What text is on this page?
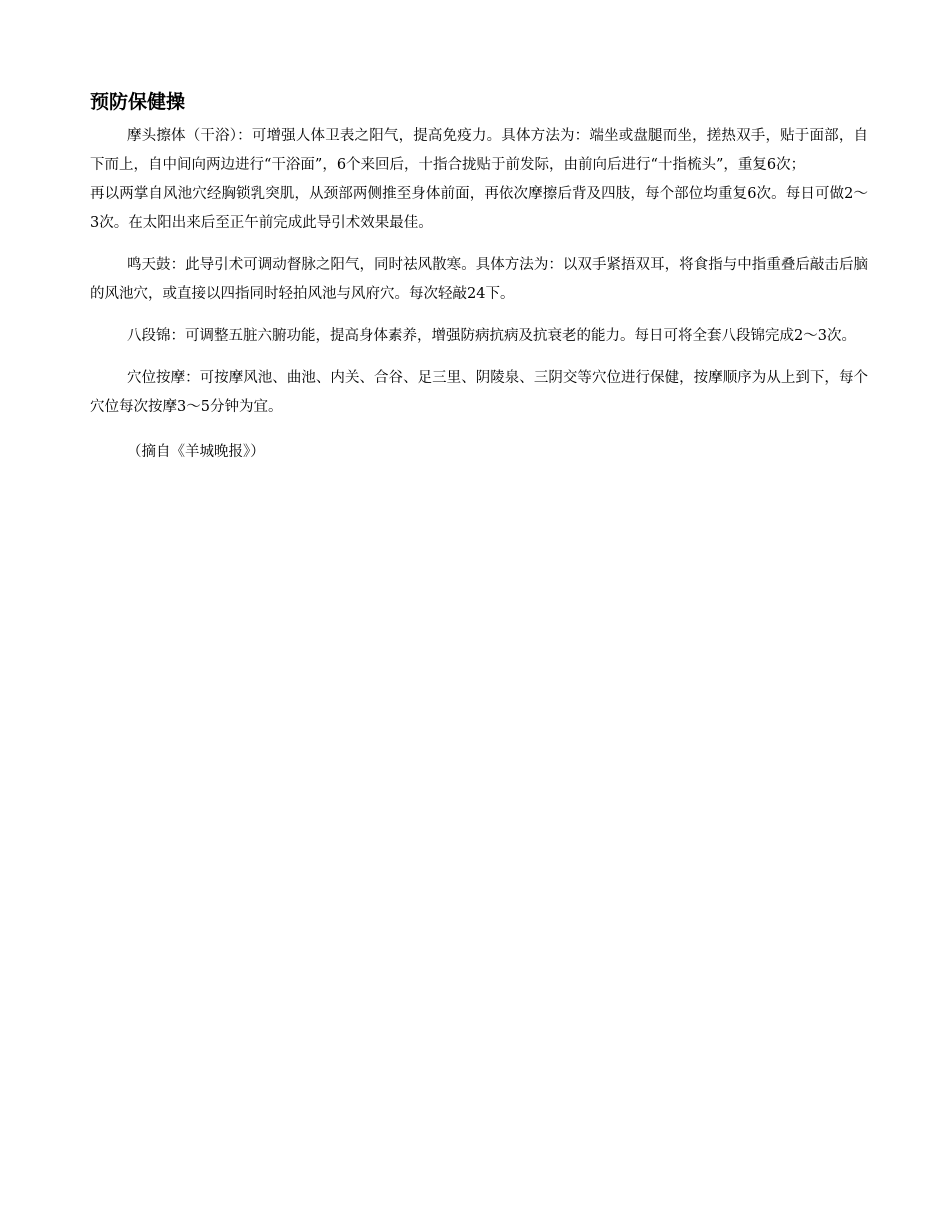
预防保健操

摩头擦体（干浴）：可增强人体卫表之阳气，提高免疫力。具体方法为：端坐或盘腿而坐，搓热双手，贴于面部，自下而上，自中间向两边进行“干浴面”，6个来回后，十指合拢贴于前发际，由前向后进行“十指梳头”，重复6次；

再以两掌自风池穴经胸锁乳突肌，从颈部两侧推至身体前面，再依次摩擦后背及四肢，每个部位均重复6次。每日可做2～3次。在太阳出来后至正午前完成此导引术效果最佳。

鸣天鼓：此导引术可调动督脉之阳气，同时祛风散寒。具体方法为：以双手紧捂双耳，将食指与中指重叠后敲击后脑的风池穴，或直接以四指同时轻拍风池与风府穴。每次轻敲24下。

八段锦：可调整五脏六腑功能，提高身体素养，增强防病抗病及抗衰老的能力。每日可将全套八段锦完成2～3次。

穴位按摩：可按摩风池、曲池、内关、合谷、足三里、阴陵泉、三阴交等穴位进行保健，按摩顺序为从上到下，每个穴位每次按摩3～5分钟为宜。

（摘自《羊城晚报》）
